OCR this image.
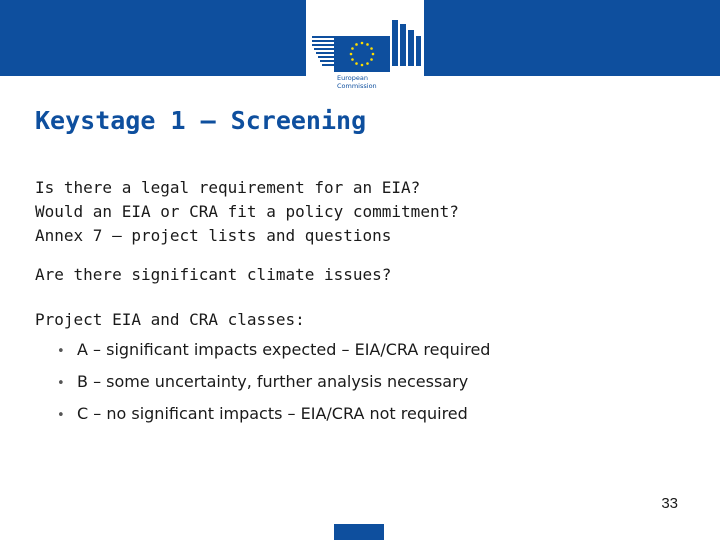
European
Commission
Keystage 1 – Screening
Is there a legal requirement for an EIA?
Would an EIA or CRA fit a policy commitment?
Annex 7 – project lists and questions
Are there significant climate issues?
Project EIA and CRA classes:
• A – significant impacts expected – EIA/CRA required
• B – some uncertainty, further analysis necessary
• C – no significant impacts – EIA/CRA not required
33
